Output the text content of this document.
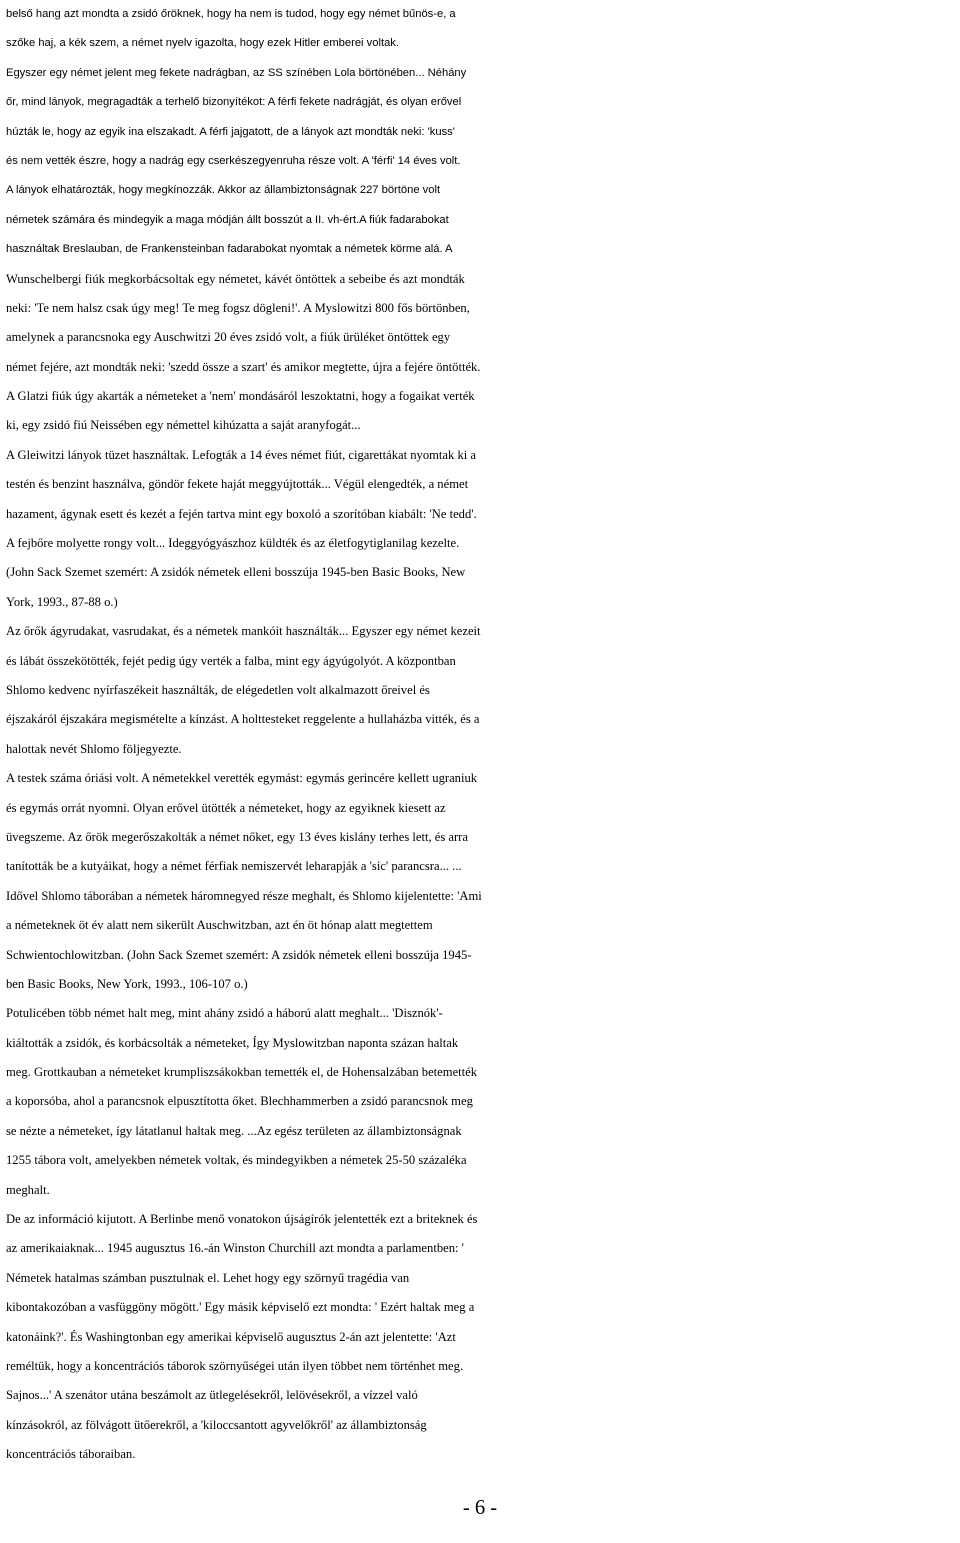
belső hang azt mondta a zsidó őröknek, hogy ha nem is tudod, hogy egy német bűnös-e, a
szőke haj, a kék szem, a német nyelv igazolta, hogy ezek Hitler emberei voltak.
Egyszer egy német jelent meg fekete nadrágban, az SS színében Lola börtönében... Néhány
őr, mind lányok, megragadták a terhelő bizonyítékot: A férfi fekete nadrágját, és olyan erővel
húzták le, hogy az egyik ina elszakadt. A férfi jajgatott, de a lányok azt mondták neki: 'kuss'
és nem vették észre, hogy a nadrág egy cserkészegyenruha része volt. A 'férfi' 14 éves volt.
A lányok elhatározták, hogy megkínozzák. Akkor az állambiztonságnak 227 börtöne volt
németek számára és mindegyik a maga módján állt bosszút a II. vh-ért.A fiúk fadarabokat
használtak Breslauban, de Frankensteinban fadarabokat nyomtak a németek körme alá. A
Wunschelbergi fiúk megkorbácsoltak egy németet, kávét öntöttek a sebeibe és azt mondták
neki: 'Te nem halsz csak úgy meg! Te meg fogsz dögleni!'. A Myslowitzi 800 fős börtönben,
amelynek a parancsnoka egy Auschwitzi 20 éves zsidó volt, a fiúk ürüléket öntöttek egy
német fejére, azt mondták neki: 'szedd össze a szart' és amikor megtette, újra a fejére öntötték.
A Glatzi fiúk úgy akarták a németeket a 'nem' mondásáról leszoktatni, hogy a fogaikat verték
ki, egy zsidó fiú Neissében egy némettel kihúzatta a saját aranyfogát...
A Gleiwitzi lányok tüzet használtak. Lefogták a 14 éves német fiút, cigarettákat nyomtak ki a
testén és benzint használva, göndör fekete haját meggyújtották... Végül elengedték, a német
hazament, ágynak esett és kezét a fején tartva mint egy boxoló a szorítóban kiabált: 'Ne tedd'.
A fejbőre molyette rongy volt... Ideggyógyászhoz küldték és az életfogytiglanilag kezelte.
(John Sack Szemet szemért: A zsidók németek elleni bosszúja 1945-ben Basic Books, New
York, 1993., 87-88 o.)
Az őrők ágyrudakat, vasrudakat, és a németek mankóit használták... Egyszer egy német kezeit
és lábát összekötötték, fejét pedig úgy verték a falba, mint egy ágyúgolyót. A központban
Shlomo kedvenc nyírfaszékeit használták, de elégedetlen volt alkalmazott őreivel és
éjszakáról éjszakára megismételte a kínzást. A holttesteket reggelente a hullaházba vitték, és a
halottak nevét Shlomo följegyezte.
A testek száma óriási volt. A németekkel verették egymást: egymás gerincére kellett ugraniuk
és egymás orrát nyomni. Olyan erővel ütötték a németeket, hogy az egyiknek kiesett az
üvegszeme. Az őrök megerőszakolták a német nőket, egy 13 éves kislány terhes lett, és arra
tanították be a kutyáikat, hogy a német férfiak nemiszervét leharapják a 'sic' parancsra... ...
Idővel Shlomo táborában a németek háromnegyed része meghalt, és Shlomo kijelentette: 'Ami
a németeknek öt év alatt nem sikerült Auschwitzban, azt én öt hónap alatt megtettem
Schwientochlowitzban. (John Sack Szemet szemért: A zsidók németek elleni bosszúja 1945-
ben Basic Books, New York, 1993., 106-107 o.)
Potulicében több német halt meg, mint ahány zsidó a háború alatt meghalt... 'Disznók'-
kiáltották a zsidók, és korbácsolták a németeket, Így Myslowitzban naponta százan haltak
meg. Grottkauban a németeket krumpliszsákokban temették el, de Hohensalzában betemették
a koporsóba, ahol a parancsnok elpusztította őket. Blechhammerben a zsidó parancsnok meg
se nézte a németeket, így látatlanul haltak meg. ...Az egész területen az állambiztonságnak
1255 tábora volt, amelyekben németek voltak, és mindegyikben a németek 25-50 százaléka
meghalt.
De az információ kijutott. A Berlinbe menő vonatokon újságírók jelentették ezt a briteknek és
az amerikaiaknak... 1945 augusztus 16.-án Winston Churchill azt mondta a parlamentben: '
Németek hatalmas számban pusztulnak el. Lehet hogy egy szörnyű tragédia van
kibontakozóban a vasfüggöny mögött.' Egy másik képviselő ezt mondta: ' Ezért haltak meg a
katonáink?'. És Washingtonban egy amerikai képviselő augusztus 2-án azt jelentette: 'Azt
reméltük, hogy a koncentrációs táborok szörnyűségei után ilyen többet nem történhet meg.
Sajnos...' A szenátor utána beszámolt az ütlegelésekről, lelövésekről, a vízzel való
kínzásokról, az fölvágott ütőerekről, a 'kiloccsantott agyvelőkről' az állambiztonság
koncentrációs táboraiban.
- 6 -
